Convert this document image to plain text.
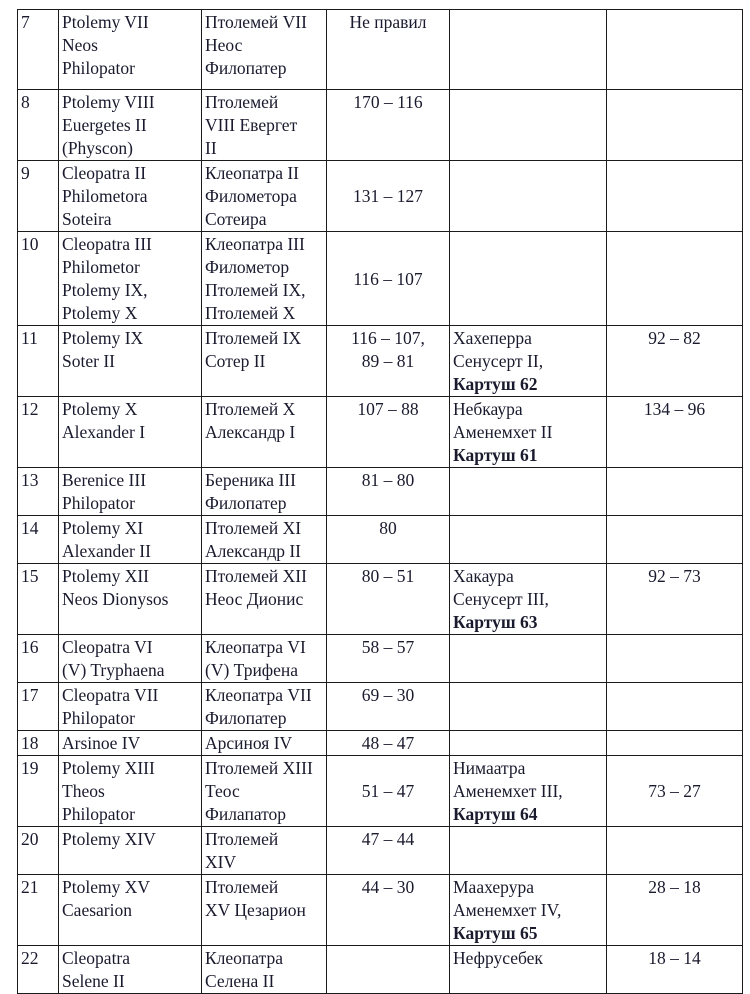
7	Ptolemy VII
Neos
Philopator	Птолемей VII
Неос
Филопатер	Не правил		

8	Ptolemy VIII
Euergetes II
(Physcon)	Птолемей
VIII Евергет
II	170 – 116		

9	Cleopatra II
Philometora
Soteira	Клеопатра II
Филометора
Сотеира	131 – 127		

10	Cleopatra III
Philometor
Ptolemy IX,
Ptolemy X	Клеопатра III
Филометор
Птолемей IX,
Птолемей X	116 – 107		

11	Ptolemy IX
Soter II	Птолемей IX
Сотер II	116 – 107,
89 – 81	Хахеперра
Сенусерт II,
Картуш 62	92 – 82

12	Ptolemy X
Alexander I	Птолемей X
Александр I	107 – 88	Небкаура
Аменемхет II
Картуш 61	134 – 96

13	Berenice III
Philopator	Береника III
Филопатер	81 – 80		

14	Ptolemy XI
Alexander II	Птолемей XI
Александр II	80		

15	Ptolemy XII
Neos Dionysos	Птолемей XII
Неос Дионис	80 – 51	Хакаура
Сенусерт III,
Картуш 63	92 – 73

16	Cleopatra VI
(V) Tryphaena	Клеопатра VI
(V) Трифена	58 – 57		

17	Cleopatra VII
Philopator	Клеопатра VII
Филопатер	69 – 30		

18	Arsinoe IV	Арсиноя IV	48 – 47		

19	Ptolemy XIII
Theos
Philopator	Птолемей XIII
Теос
Филапатор	51 – 47	Нимаатра
Аменемхет III,
Картуш 64	73 – 27

20	Ptolemy XIV	Птолемей
XIV	47 – 44		

21	Ptolemy XV
Caesarion	Птолемей
XV Цезарион	44 – 30	Маахерура
Аменемхет IV,
Картуш 65	28 – 18

22	Cleopatra
Selene II	Клеопатра
Селена II		Нефрусебек	18 – 14
